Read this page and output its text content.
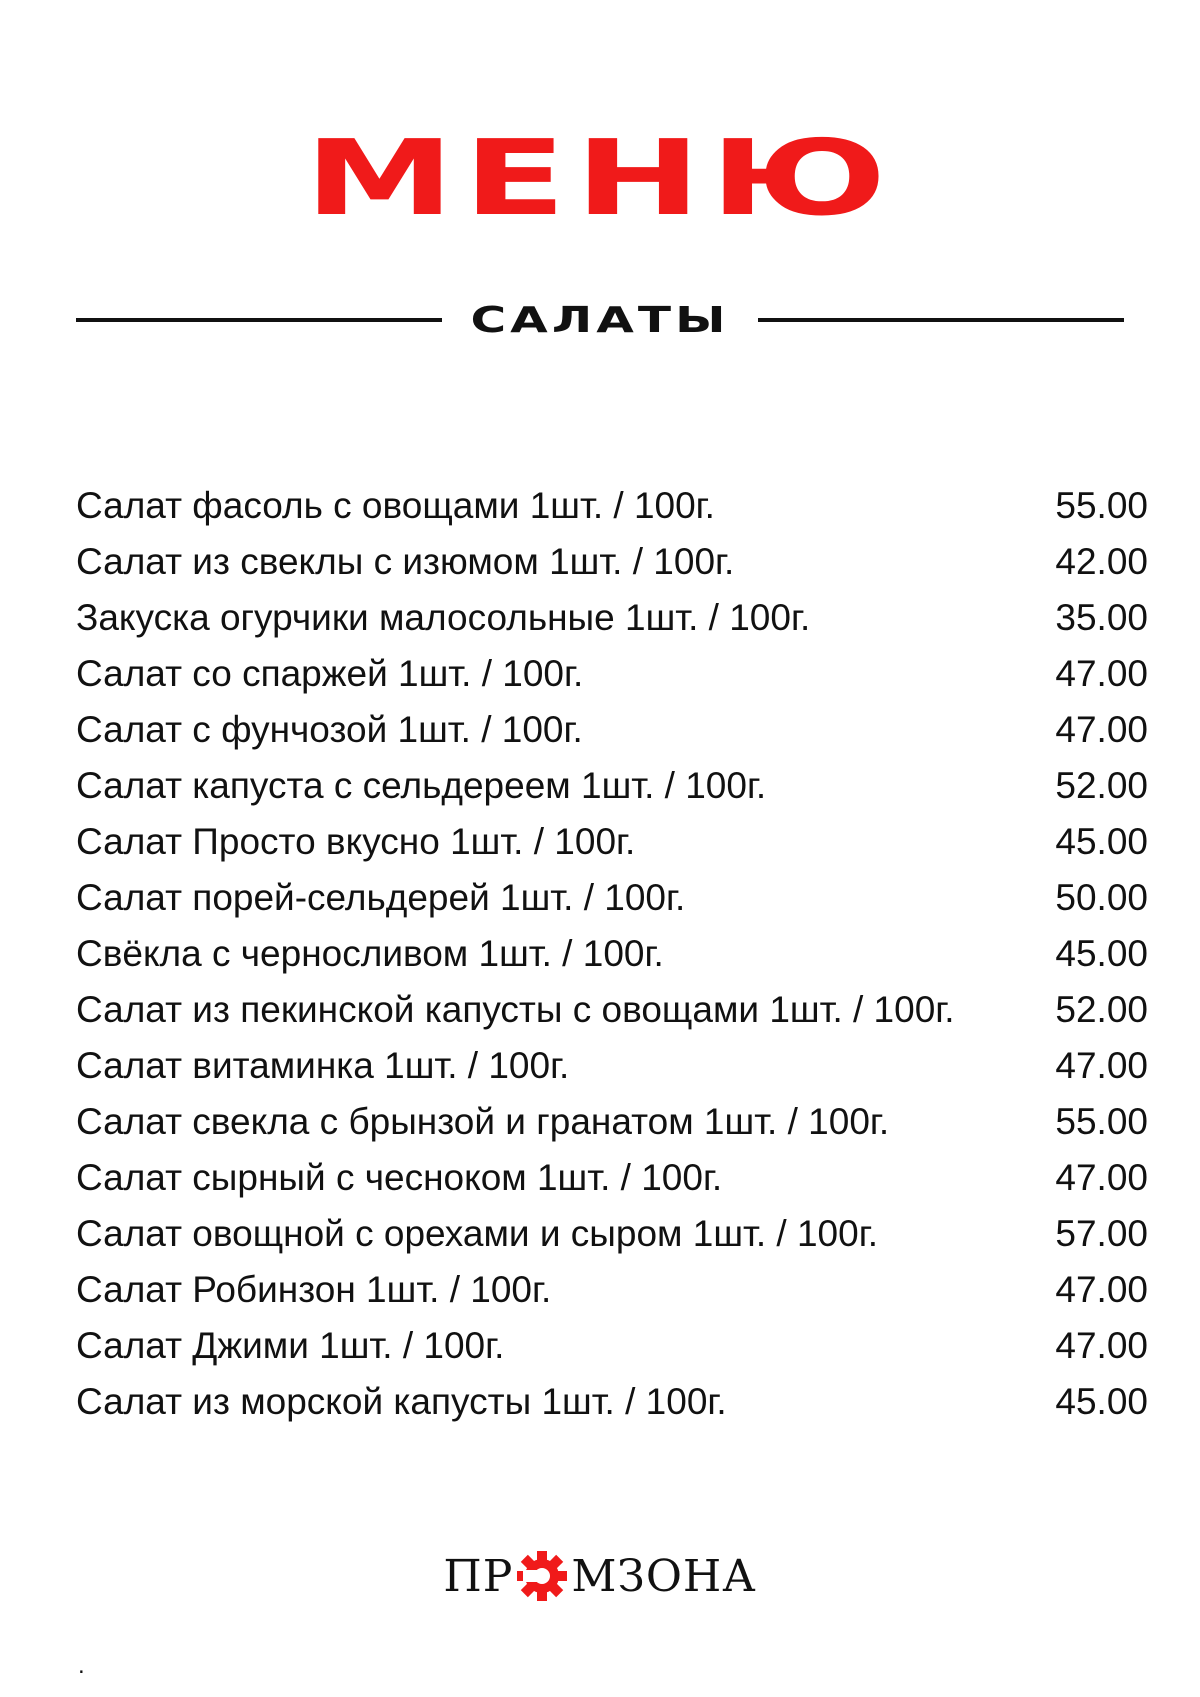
МЕНЮ
САЛАТЫ
Салат фасоль с овощами 1шт. / 100г.	55.00
Салат из свеклы с изюмом 1шт. / 100г.	42.00
Закуска огурчики малосольные 1шт. / 100г.	35.00
Салат со спаржей 1шт. / 100г.	47.00
Салат с фунчозой 1шт. / 100г.	47.00
Салат капуста с сельдереем 1шт. / 100г.	52.00
Салат Просто вкусно 1шт. / 100г.	45.00
Салат порей-сельдерей 1шт. / 100г.	50.00
Свёкла с черносливом 1шт. / 100г.	45.00
Салат из пекинской капусты с овощами 1шт. / 100г.	52.00
Салат витаминка 1шт. / 100г.	47.00
Салат свекла с брынзой и гранатом 1шт. / 100г.	55.00
Салат сырный с чесноком 1шт. / 100г.	47.00
Салат овощной с орехами и сыром 1шт. / 100г.	57.00
Салат Робинзон 1шт. / 100г.	47.00
Салат Джими 1шт. / 100г.	47.00
Салат из морской капусты 1шт. / 100г.	45.00
ПР МЗОНА
.
